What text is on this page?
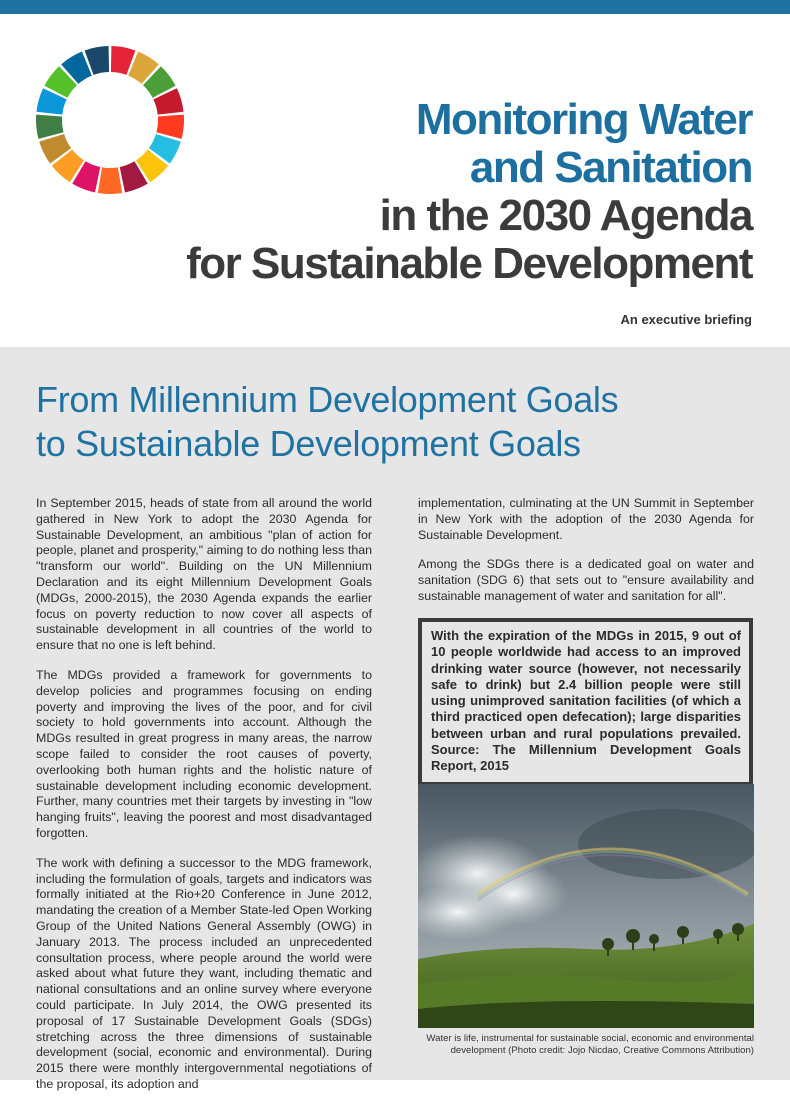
Monitoring Water
and Sanitation
in the 2030 Agenda
for Sustainable Development
An executive briefing
From Millennium Development Goals
to Sustainable Development Goals

In September 2015, heads of state from all around the world gathered in New York to adopt the 2030 Agenda for Sustainable Development, an ambitious "plan of action for people, planet and prosperity," aiming to do nothing less than "transform our world". Building on the UN Millennium Declaration and its eight Millennium Development Goals (MDGs, 2000-2015), the 2030 Agenda expands the earlier focus on poverty reduction to now cover all aspects of sustainable development in all countries of the world to ensure that no one is left behind.

The MDGs provided a framework for governments to develop policies and programmes focusing on ending poverty and improving the lives of the poor, and for civil society to hold governments into account. Although the MDGs resulted in great progress in many areas, the narrow scope failed to consider the root causes of poverty, overlooking both human rights and the holistic nature of sustainable development including economic development. Further, many countries met their targets by investing in "low hanging fruits", leaving the poorest and most disadvantaged forgotten.

The work with defining a successor to the MDG framework, including the formulation of goals, targets and indicators was formally initiated at the Rio+20 Conference in June 2012, mandating the creation of a Member State-led Open Working Group of the United Nations General Assembly (OWG) in January 2013. The process included an unprecedented consultation process, where people around the world were asked about what future they want, including thematic and national consultations and an online survey where everyone could participate. In July 2014, the OWG presented its proposal of 17 Sustainable Development Goals (SDGs) stretching across the three dimensions of sustainable development (social, economic and environmental). During 2015 there were monthly intergovernmental negotiations of the proposal, its adoption and

implementation, culminating at the UN Summit in September in New York with the adoption of the 2030 Agenda for Sustainable Development.

Among the SDGs there is a dedicated goal on water and sanitation (SDG 6) that sets out to "ensure availability and sustainable management of water and sanitation for all".

With the expiration of the MDGs in 2015, 9 out of 10 people worldwide had access to an improved drinking water source (however, not necessarily safe to drink) but 2.4 billion people were still using unimproved sanitation facilities (of which a third practiced open defecation); large disparities between urban and rural populations prevailed. Source: The Millennium Development Goals Report, 2015
Water is life, instrumental for sustainable social, economic and environmental
development (Photo credit: Jojo Nicdao, Creative Commons Attribution)
